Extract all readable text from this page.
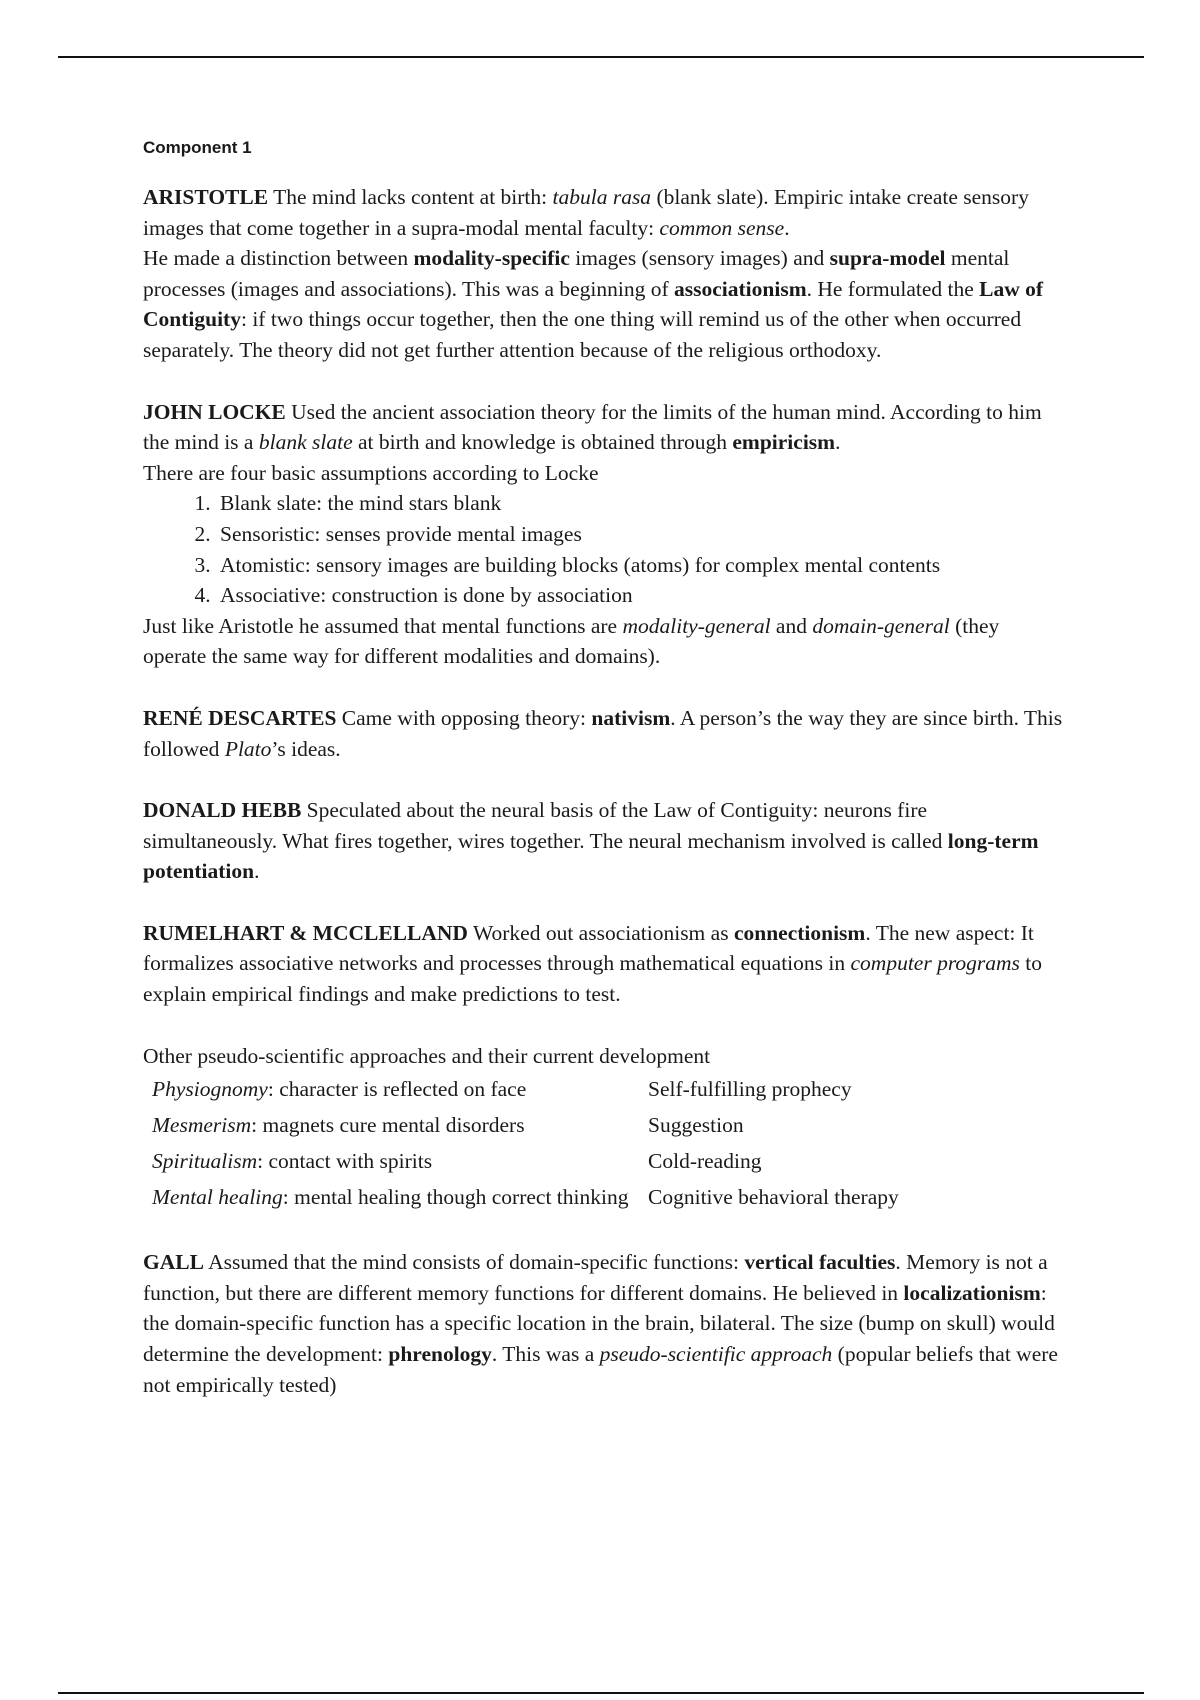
Component 1

ARISTOTLE The mind lacks content at birth: tabula rasa (blank slate). Empiric intake create sensory images that come together in a supra-modal mental faculty: common sense.
He made a distinction between modality-specific images (sensory images) and supra-model mental processes (images and associations). This was a beginning of associationism. He formulated the Law of Contiguity: if two things occur together, then the one thing will remind us of the other when occurred separately. The theory did not get further attention because of the religious orthodoxy.

JOHN LOCKE Used the ancient association theory for the limits of the human mind. According to him the mind is a blank slate at birth and knowledge is obtained through empiricism.
There are four basic assumptions according to Locke

1. Blank slate: the mind stars blank
2. Sensoristic: senses provide mental images
3. Atomistic: sensory images are building blocks (atoms) for complex mental contents
4. Associative: construction is done by association

Just like Aristotle he assumed that mental functions are modality-general and domain-general (they operate the same way for different modalities and domains).

RENÉ DESCARTES Came with opposing theory: nativism. A person’s the way they are since birth. This followed Plato’s ideas.

DONALD HEBB Speculated about the neural basis of the Law of Contiguity: neurons fire simultaneously. What fires together, wires together. The neural mechanism involved is called long-term potentiation.

RUMELHART & MCCLELLAND Worked out associationism as connectionism. The new aspect: It formalizes associative networks and processes through mathematical equations in computer programs to explain empirical findings and make predictions to test.

Other pseudo-scientific approaches and their current development

Physiognomy: character is reflected on face	Self-fulfilling prophecy
Mesmerism: magnets cure mental disorders	Suggestion
Spiritualism: contact with spirits	Cold-reading
Mental healing: mental healing though correct thinking	Cognitive behavioral therapy

GALL Assumed that the mind consists of domain-specific functions: vertical faculties. Memory is not a function, but there are different memory functions for different domains. He believed in localizationism: the domain-specific function has a specific location in the brain, bilateral. The size (bump on skull) would determine the development: phrenology. This was a pseudo-scientific approach (popular beliefs that were not empirically tested)
